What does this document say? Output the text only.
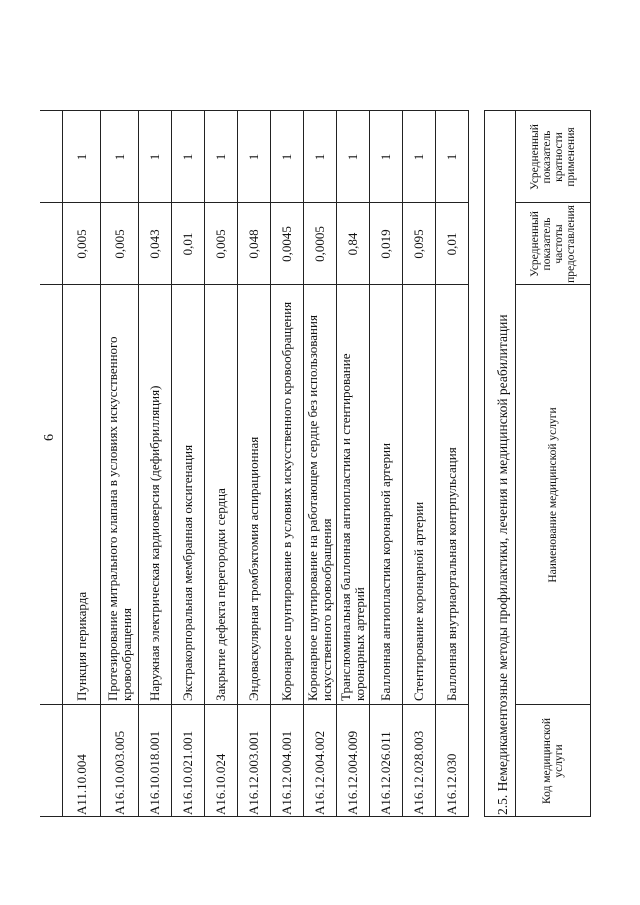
6
A11.10.004
Пункция перикарда
0,005
1
A16.10.003.005
Протезирование митрального клапана в условиях искусственного кровообращения
0,005
1
A16.10.018.001
Наружная электрическая кардиоверсия (дефибрилляция)
0,043
1
A16.10.021.001
Экстракорпоральная мембранная оксигенация
0,01
1
A16.10.024
Закрытие дефекта перегородки сердца
0,005
1
A16.12.003.001
Эндоваскулярная тромбэктомия аспирационная
0,048
1
A16.12.004.001
Коронарное шунтирование в условиях искусственного кровообращения
0,0045
1
A16.12.004.002
Коронарное шунтирование на работающем сердце без использования искусственного кровообращения
0,0005
1
A16.12.004.009
Транслюминальная баллонная ангиопластика и стентирование коронарных артерий
0,84
1
A16.12.026.011
Баллонная ангиопластика коронарной артерии
0,019
1
A16.12.028.003
Стентирование коронарной артерии
0,095
1
A16.12.030
Баллонная внутриаортальная контрпульсация
0,01
1
2.5. Немедикаментозные методы профилактики, лечения и медицинской реабилитации	Код медицинской услуги
Наименование медицинской услуги
Усредненный показатель частоты предоставления
Усредненный показатель кратности применения
